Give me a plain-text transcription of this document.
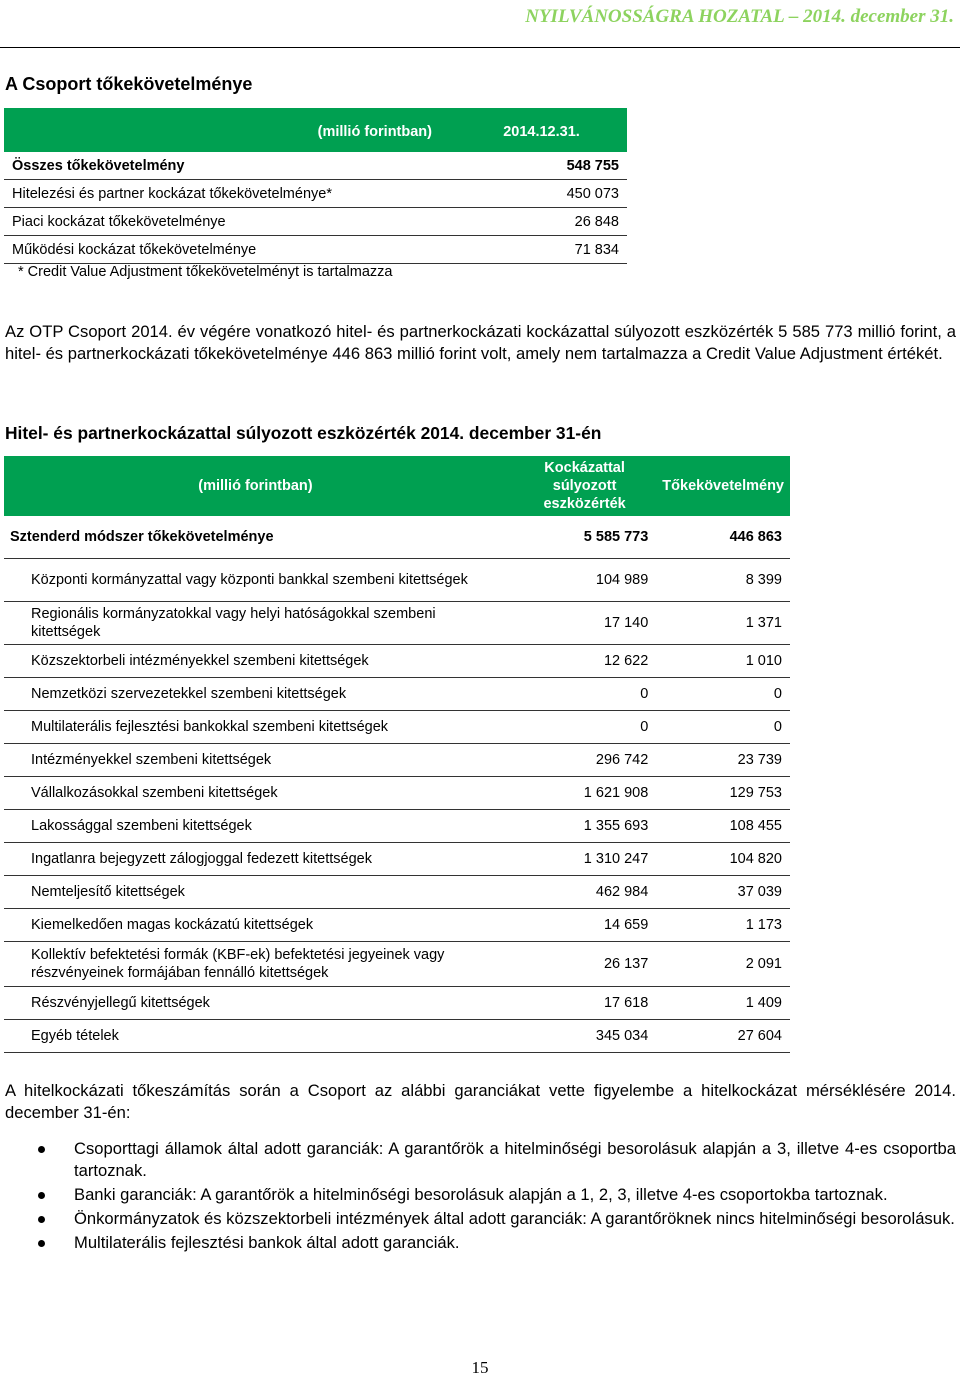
NYILVÁNOSSÁGRA HOZATAL – 2014. december 31.
A Csoport tőkekövetelménye
(millió forintban)	2014.12.31.
Összes tőkekövetelmény	548 755
Hitelezési és partner kockázat tőkekövetelménye*	450 073
Piaci kockázat tőkekövetelménye	26 848
Működési kockázat tőkekövetelménye	71 834
* Credit Value Adjustment tőkekövetelményt is tartalmazza
Az OTP Csoport 2014. év végére vonatkozó hitel- és partnerkockázati kockázattal súlyozott eszközérték 5 585 773 millió forint, a hitel- és partnerkockázati tőkekövetelménye 446 863 millió forint volt, amely nem tartalmazza a Credit Value Adjustment értékét.
Hitel- és partnerkockázattal súlyozott eszközérték 2014. december 31-én
(millió forintban)	Kockázattal súlyozott eszközérték	Tőkekövetelmény
Sztenderd módszer tőkekövetelménye	5 585 773	446 863
Központi kormányzattal vagy központi bankkal szembeni kitettségek	104 989	8 399
Regionális kormányzatokkal vagy helyi hatóságokkal szembeni kitettségek	17 140	1 371
Közszektorbeli intézményekkel szembeni kitettségek	12 622	1 010
Nemzetközi szervezetekkel szembeni kitettségek	0	0
Multilaterális fejlesztési bankokkal szembeni kitettségek	0	0
Intézményekkel szembeni kitettségek	296 742	23 739
Vállalkozásokkal szembeni kitettségek	1 621 908	129 753
Lakossággal szembeni kitettségek	1 355 693	108 455
Ingatlanra bejegyzett zálogjoggal fedezett kitettségek	1 310 247	104 820
Nemteljesítő kitettségek	462 984	37 039
Kiemelkedően magas kockázatú kitettségek	14 659	1 173
Kollektív befektetési formák (KBF-ek) befektetési jegyeinek vagy részvényeinek formájában fennálló kitettségek	26 137	2 091
Részvényjellegű kitettségek	17 618	1 409
Egyéb tételek	345 034	27 604
A hitelkockázati tőkeszámítás során a Csoport az alábbi garanciákat vette figyelembe a hitelkockázat mérséklésére 2014. december 31-én:
Csoporttagi államok által adott garanciák: A garantőrök a hitelminőségi besorolásuk alapján a 3, illetve 4-es csoportba tartoznak.
Banki garanciák: A garantőrök a hitelminőségi besorolásuk alapján a 1, 2, 3, illetve 4-es csoportokba tartoznak.
Önkormányzatok és közszektorbeli intézmények által adott garanciák: A garantőröknek nincs hitelminőségi besorolásuk.
Multilaterális fejlesztési bankok által adott garanciák.
15
